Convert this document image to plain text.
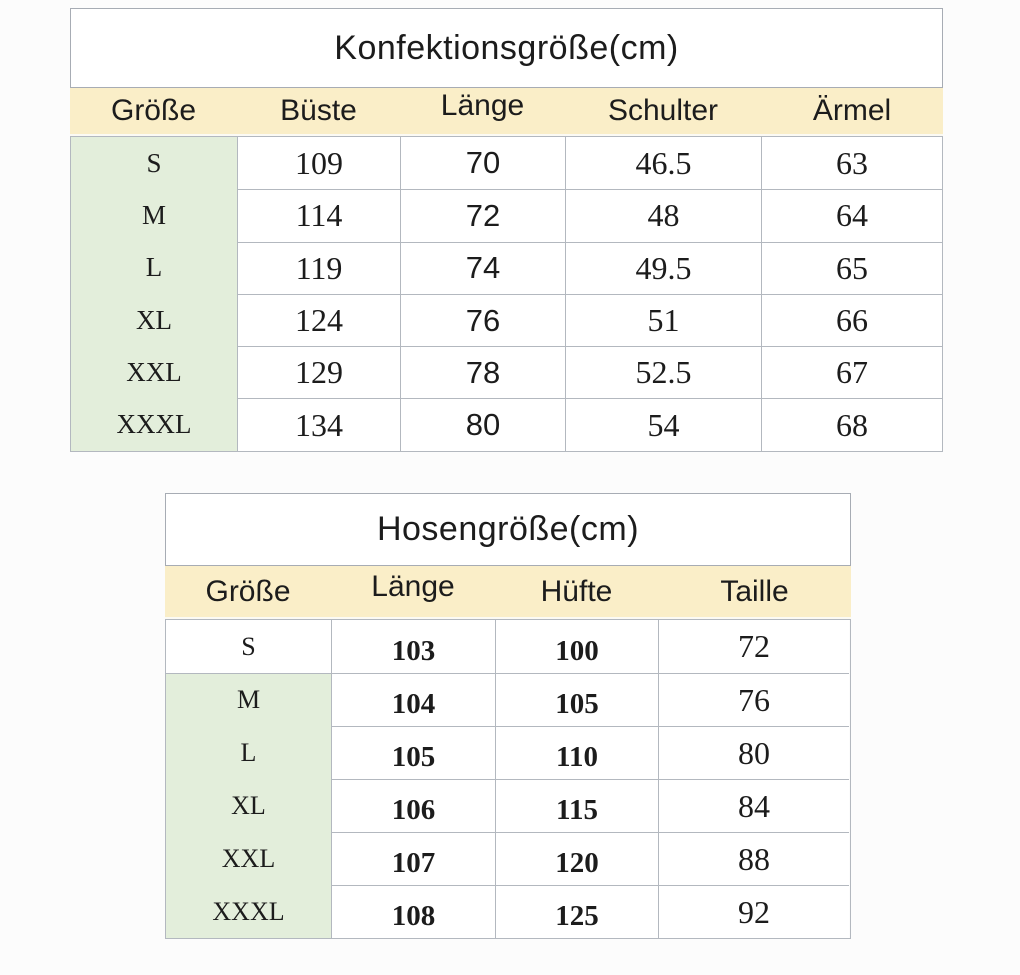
Konfektionsgröße(cm)
Größe	Büste	Länge	Schulter	Ärmel
S	109	70	46.5	63
M	114	72	48	64
L	119	74	49.5	65
XL	124	76	51	66
XXL	129	78	52.5	67
XXXL	134	80	54	68
Hosengröße(cm)
Größe	Länge	Hüfte	Taille
S	103	100	72
M	104	105	76
L	105	110	80
XL	106	115	84
XXL	107	120	88
XXXL	108	125	92
